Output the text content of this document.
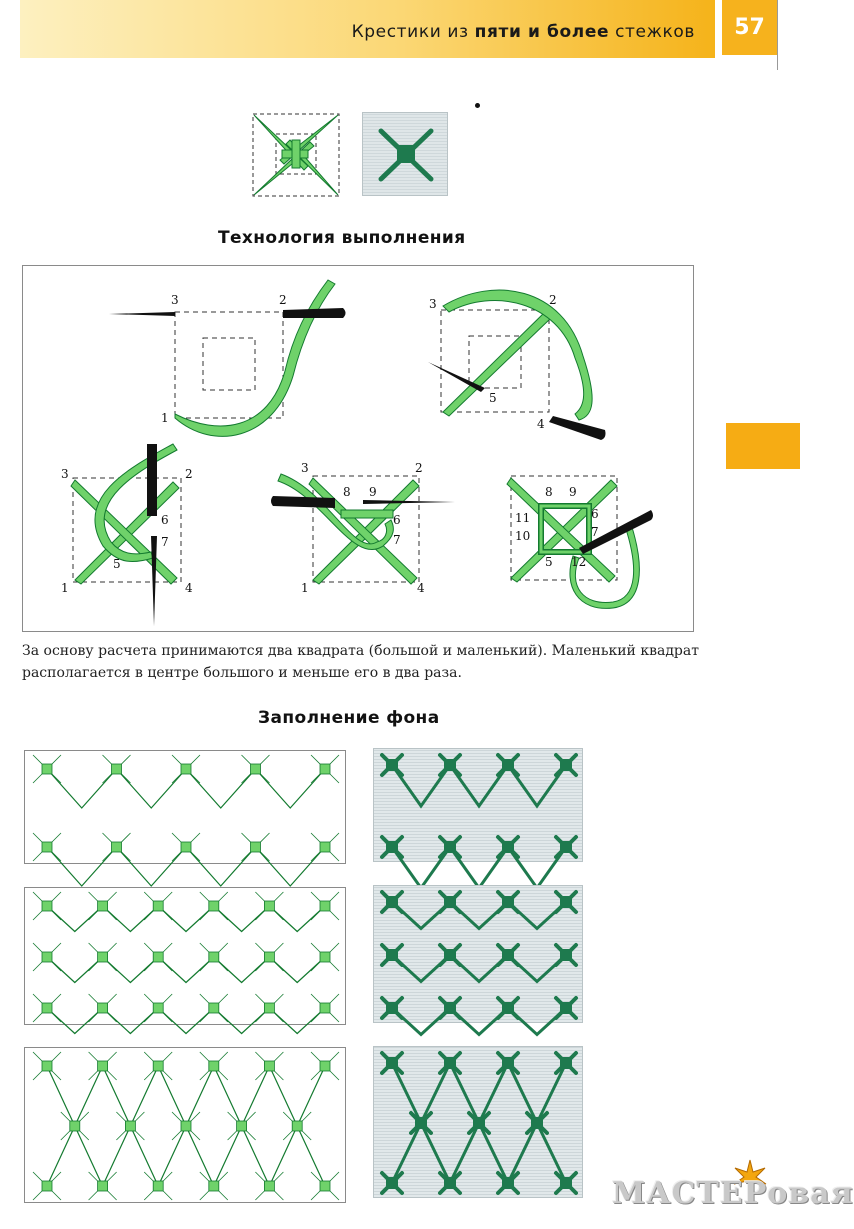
Крестики из пяти и более стежков	57
Технология выполнения
3	2
1
3	2
5
4
3	2
6
7
5
1	4
3	2
8 9
6
7
1	4
8 9
6
7
11
10
5 12
За основу расчета принимаются два квадрата (большой и маленький). Маленький квадрат располагается в центре большого и меньше его в два раза.
Заполнение фона
МАСТЕРовая
